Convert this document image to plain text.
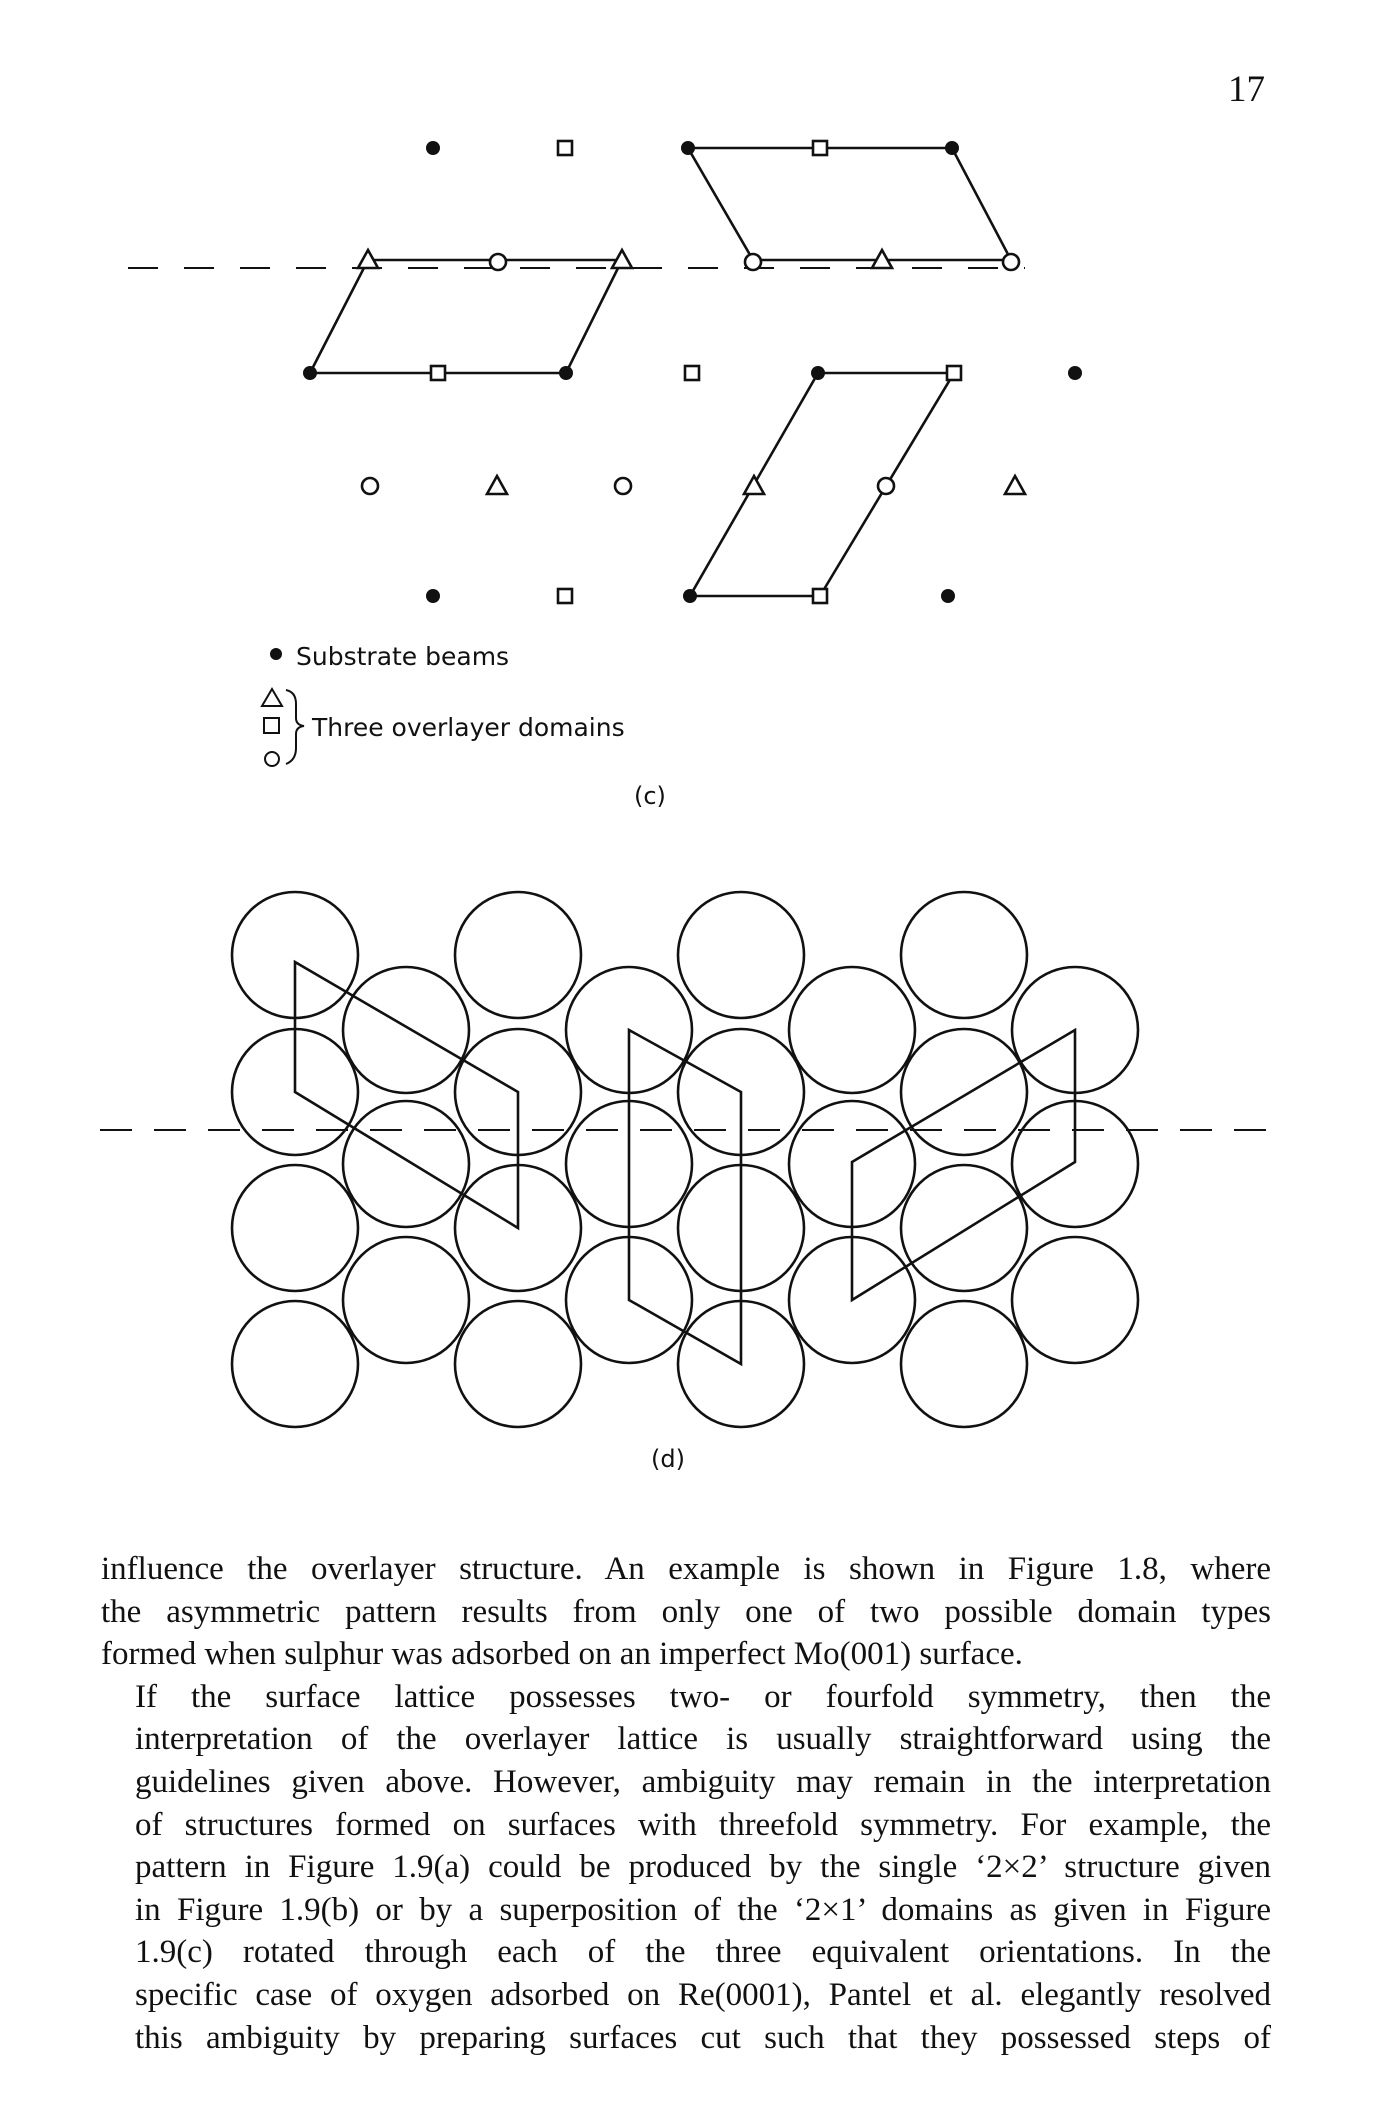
17
Substrate beams
Three overlayer domains
(c)
(d)

influence the overlayer structure. An example is shown in Figure 1.8, where
the asymmetric pattern results from only one of two possible domain types
formed when sulphur was adsorbed on an imperfect Mo(001) surface.

If the surface lattice possesses two- or fourfold symmetry, then the
interpretation of the overlayer lattice is usually straightforward using the
guidelines given above. However, ambiguity may remain in the interpretation
of structures formed on surfaces with threefold symmetry. For example, the
pattern in Figure 1.9(a) could be produced by the single ‘2×2’ structure given
in Figure 1.9(b) or by a superposition of the ‘2×1’ domains as given in Figure
1.9(c) rotated through each of the three equivalent orientations. In the
specific case of oxygen adsorbed on Re(0001), Pantel et al. elegantly resolved
this ambiguity by preparing surfaces cut such that they possessed steps of
